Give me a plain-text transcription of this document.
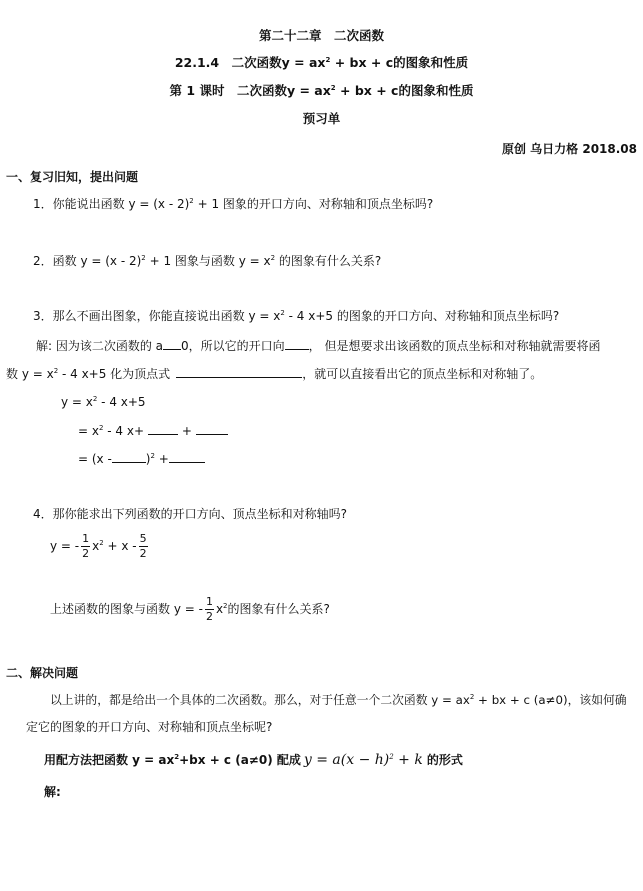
第二十二章　二次函数
22.1.4　二次函数$y = ax^2$ + bx + c的图象和性质
第 1 课时　二次函数$y = ax^2$ + bx + c的图象和性质
预习单
原创 乌日力格 2018.08
一、复习旧知，提出问题
1．你能说出函数 y = (x - 2)$^2$ + 1 图象的开口方向、对称轴和顶点坐标吗?
2．函数 y = (x - 2)$^2$ + 1 图象与函数 $y = x^2$ 的图象有什么关系?
3．那么不画出图象，你能直接说出函数 $y = x^2 - 4$ x+5 的图象的开口方向、对称轴和顶点坐标吗?
解: 因为该二次函数的 a 0，所以它的开口向 ， 但是想要求出该函数的顶点坐标和对称轴就需要将函
数 $y = x^2 - 4$ x+5 化为顶点式	，就可以直接看出它的顶点坐标和对称轴了。
$y = x^2 - 4$ x+5
= $x^2 - 4$ x+	+
= (x -	)$^2$ +
4．那你能求出下列函数的开口方向、顶点坐标和对称轴吗?
y = - $\frac{1}{2} x^2 + x - \frac{5}{2}$
上述函数的图象与函数 y = - $\frac{1}{2} x^2$的图象有什么关系?
二、解决问题
以上讲的，都是给出一个具体的二次函数。那么，对于任意一个二次函数 $y = ax^2$ + bx + c (a≠0)，该如何确
定它的图象的开口方向、对称轴和顶点坐标呢?
用配方法把函数 $y = ax^2+bx + c$ (a≠0) 配成 $y = a(x - h)^2 + k$ 的形式
解:
